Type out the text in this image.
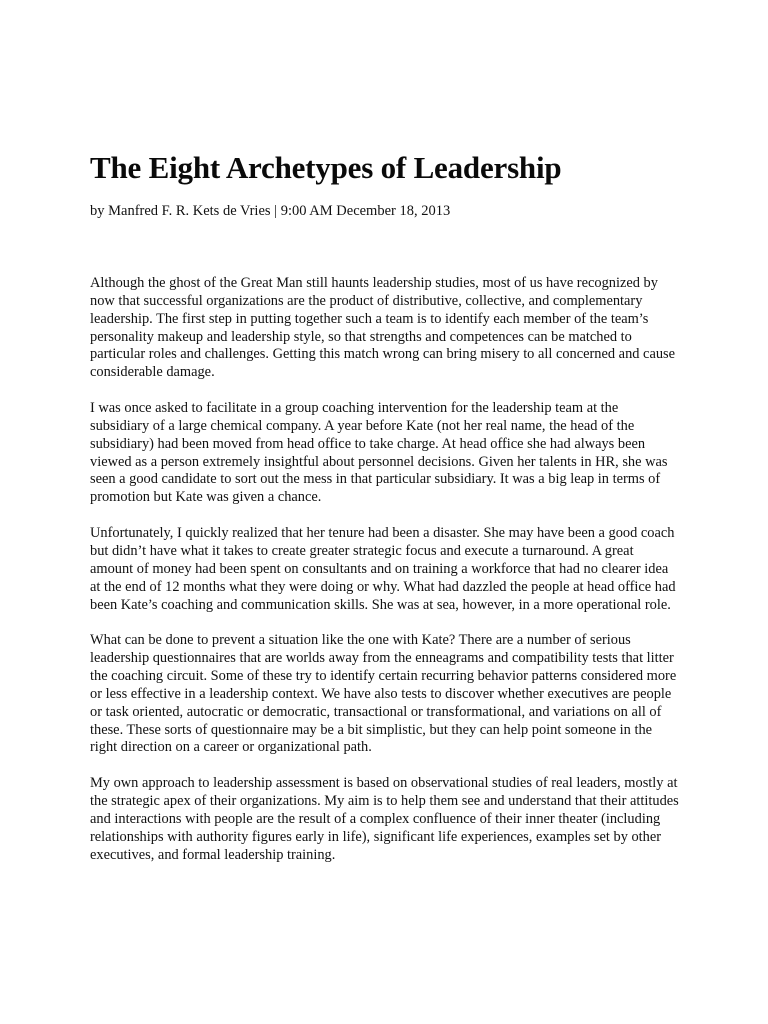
The Eight Archetypes of Leadership
by Manfred F. R. Kets de Vries | 9:00 AM December 18, 2013

Although the ghost of the Great Man still haunts leadership studies, most of us have recognized by now that successful organizations are the product of distributive, collective, and complementary leadership. The first step in putting together such a team is to identify each member of the team’s personality makeup and leadership style, so that strengths and competences can be matched to particular roles and challenges. Getting this match wrong can bring misery to all concerned and cause considerable damage.

I was once asked to facilitate in a group coaching intervention for the leadership team at the subsidiary of a large chemical company. A year before Kate (not her real name, the head of the subsidiary) had been moved from head office to take charge. At head office she had always been viewed as a person extremely insightful about personnel decisions. Given her talents in HR, she was seen a good candidate to sort out the mess in that particular subsidiary. It was a big leap in terms of promotion but Kate was given a chance.

Unfortunately, I quickly realized that her tenure had been a disaster. She may have been a good coach but didn’t have what it takes to create greater strategic focus and execute a turnaround. A great amount of money had been spent on consultants and on training a workforce that had no clearer idea at the end of 12 months what they were doing or why. What had dazzled the people at head office had been Kate’s coaching and communication skills. She was at sea, however, in a more operational role.

What can be done to prevent a situation like the one with Kate? There are a number of serious leadership questionnaires that are worlds away from the enneagrams and compatibility tests that litter the coaching circuit. Some of these try to identify certain recurring behavior patterns considered more or less effective in a leadership context. We have also tests to discover whether executives are people or task oriented, autocratic or democratic, transactional or transformational, and variations on all of these. These sorts of questionnaire may be a bit simplistic, but they can help point someone in the right direction on a career or organizational path.

My own approach to leadership assessment is based on observational studies of real leaders, mostly at the strategic apex of their organizations. My aim is to help them see and understand that their attitudes and interactions with people are the result of a complex confluence of their inner theater (including relationships with authority figures early in life), significant life experiences, examples set by other executives, and formal leadership training.
